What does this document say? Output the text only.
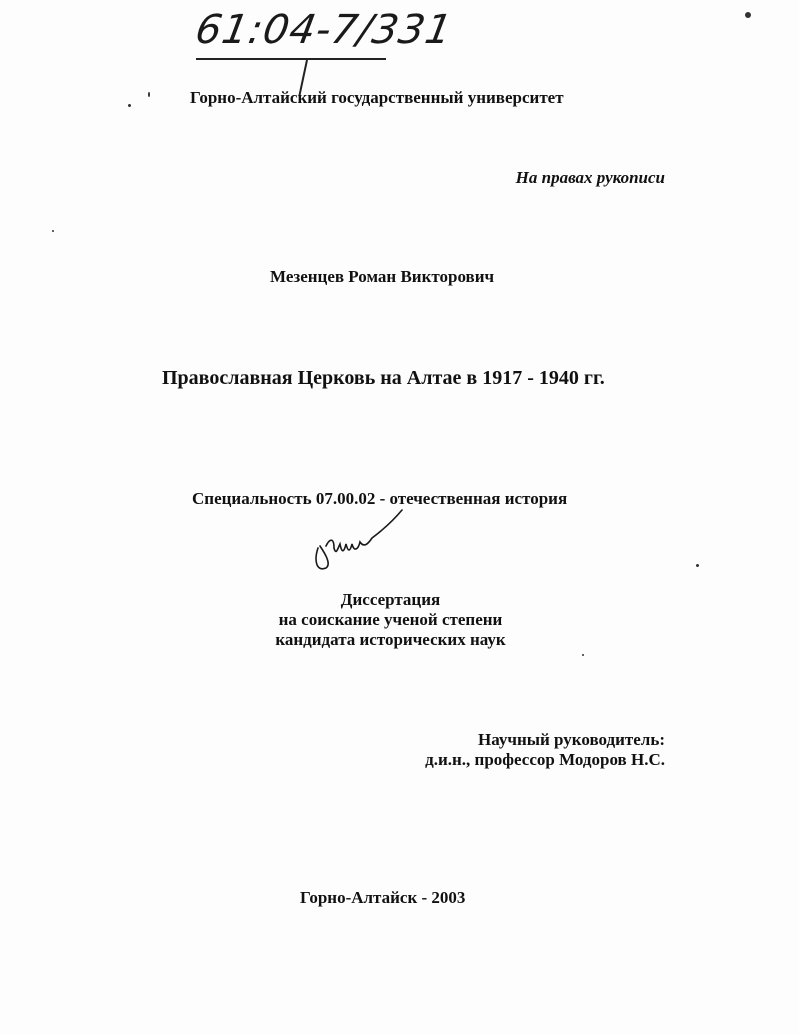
61:04-7/331
Горно-Алтайский государственный университет
На правах рукописи
Мезенцев Роман Викторович
Православная Церковь на Алтае в 1917 - 1940 гг.
Специальность 07.00.02 - отечественная история
Диссертация
на соискание ученой степени
кандидата исторических наук
Научный руководитель:
д.и.н., профессор Модоров Н.С.
Горно-Алтайск - 2003
